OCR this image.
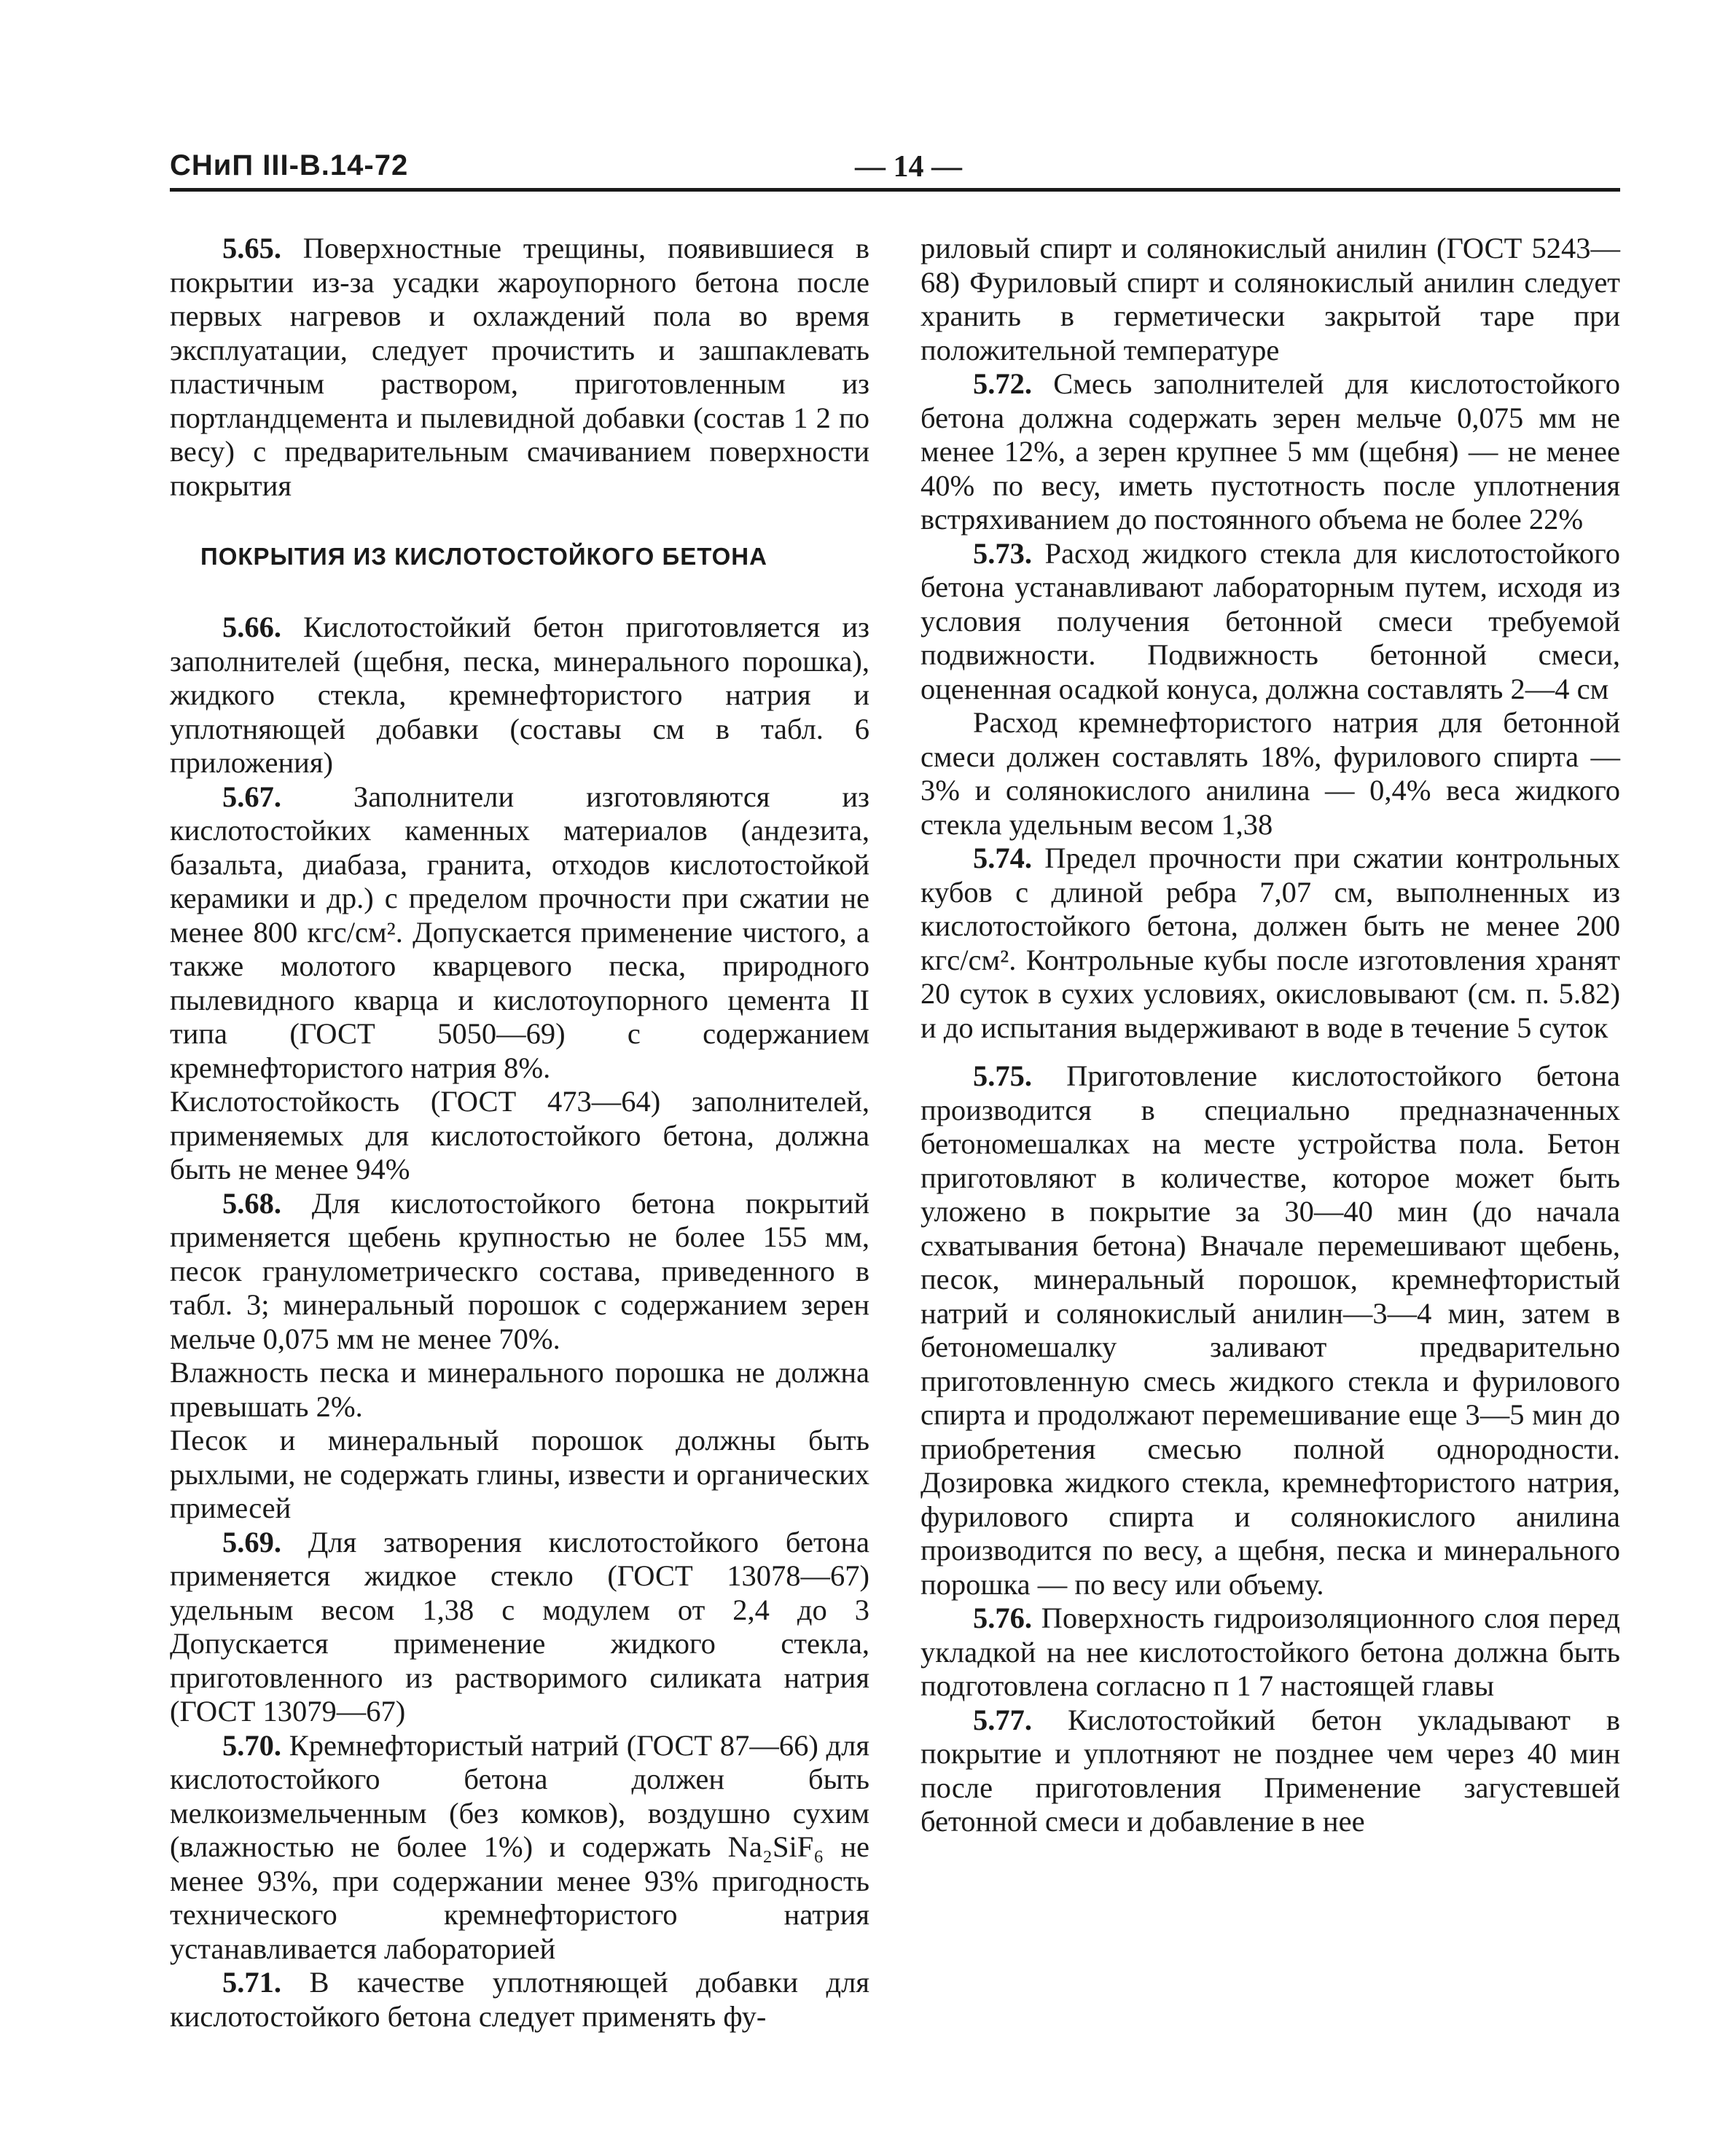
СНиП III-В.14-72	— 14 —

5.65. Поверхностные трещины, появившиеся в покрытии из-за усадки жароупорного бетона после первых нагревов и охлаждений пола во время эксплуатации, следует прочистить и зашпаклевать пластичным раствором, приготовленным из портландцемента и пылевидной добавки (состав 1 2 по весу) с предварительным смачиванием поверхности покрытия

ПОКРЫТИЯ ИЗ КИСЛОТОСТОЙКОГО БЕТОНА

5.66. Кислотостойкий бетон приготовляется из заполнителей (щебня, песка, минерального порошка), жидкого стекла, кремнефтористого натрия и уплотняющей добавки (составы см в табл. 6 приложения)

5.67. Заполнители изготовляются из кислотостойких каменных материалов (андезита, базальта, диабаза, гранита, отходов кислотостойкой керамики и др.) с пределом прочности при сжатии не менее 800 кгс/см². Допускается применение чистого, а также молотого кварцевого песка, природного пылевидного кварца и кислотоупорного цемента II типа (ГОСТ 5050—69) с содержанием кремнефтористого натрия 8%.

Кислотостойкость (ГОСТ 473—64) заполнителей, применяемых для кислотостойкого бетона, должна быть не менее 94%

5.68. Для кислотостойкого бетона покрытий применяется щебень крупностью не более 155 мм, песок гранулометрическго состава, приведенного в табл. 3; минеральный порошок с содержанием зерен мельче 0,075 мм не менее 70%.

Влажность песка и минерального порошка не должна превышать 2%.

Песок и минеральный порошок должны быть рыхлыми, не содержать глины, извести и органических примесей

5.69. Для затворения кислотостойкого бетона применяется жидкое стекло (ГОСТ 13078—67) удельным весом 1,38 с модулем от 2,4 до 3 Допускается применение жидкого стекла, приготовленного из растворимого силиката натрия (ГОСТ 13079—67)

5.70. Кремнефтористый натрий (ГОСТ 87—66) для кислотостойкого бетона должен быть мелкоизмельченным (без комков), воздушно сухим (влажностью не более 1%) и содержать Na₂SiF₆ не менее 93%, при содержании менее 93% пригодность технического кремнефтористого натрия устанавливается лабораторией

5.71. В качестве уплотняющей добавки для кислотостойкого бетона следует применять фу-

риловый спирт и солянокислый анилин (ГОСТ 5243—68) Фуриловый спирт и солянокислый анилин следует хранить в герметически закрытой таре при положительной температуре

5.72. Смесь заполнителей для кислотостойкого бетона должна содержать зерен мельче 0,075 мм не менее 12%, а зерен крупнее 5 мм (щебня) — не менее 40% по весу, иметь пустотность после уплотнения встряхиванием до постоянного объема не более 22%

5.73. Расход жидкого стекла для кислотостойкого бетона устанавливают лабораторным путем, исходя из условия получения бетонной смеси требуемой подвижности. Подвижность бетонной смеси, оцененная осадкой конуса, должна составлять 2—4 см

Расход кремнефтористого натрия для бетонной смеси должен составлять 18%, фурилового спирта — 3% и солянокислого анилина — 0,4% веса жидкого стекла удельным весом 1,38

5.74. Предел прочности при сжатии контрольных кубов с длиной ребра 7,07 см, выполненных из кислотостойкого бетона, должен быть не менее 200 кгс/см². Контрольные кубы после изготовления хранят 20 суток в сухих условиях, окисловывают (см. п. 5.82) и до испытания выдерживают в воде в течение 5 суток

5.75. Приготовление кислотостойкого бетона производится в специально предназначенных бетономешалках на месте устройства пола. Бетон приготовляют в количестве, которое может быть уложено в покрытие за 30—40 мин (до начала схватывания бетона) Вначале перемешивают щебень, песок, минеральный порошок, кремнефтористый натрий и солянокислый анилин—3—4 мин, затем в бетономешалку заливают предварительно приготовленную смесь жидкого стекла и фурилового спирта и продолжают перемешивание еще 3—5 мин до приобретения смесью полной однородности. Дозировка жидкого стекла, кремнефтористого натрия, фурилового спирта и солянокислого анилина производится по весу, а щебня, песка и минерального порошка — по весу или объему.

5.76. Поверхность гидроизоляционного слоя перед укладкой на нее кислотостойкого бетона должна быть подготовлена согласно п 1 7 настоящей главы

5.77. Кислотостойкий бетон укладывают в покрытие и уплотняют не позднее чем через 40 мин после приготовления Применение загустевшей бетонной смеси и добавление в нее
